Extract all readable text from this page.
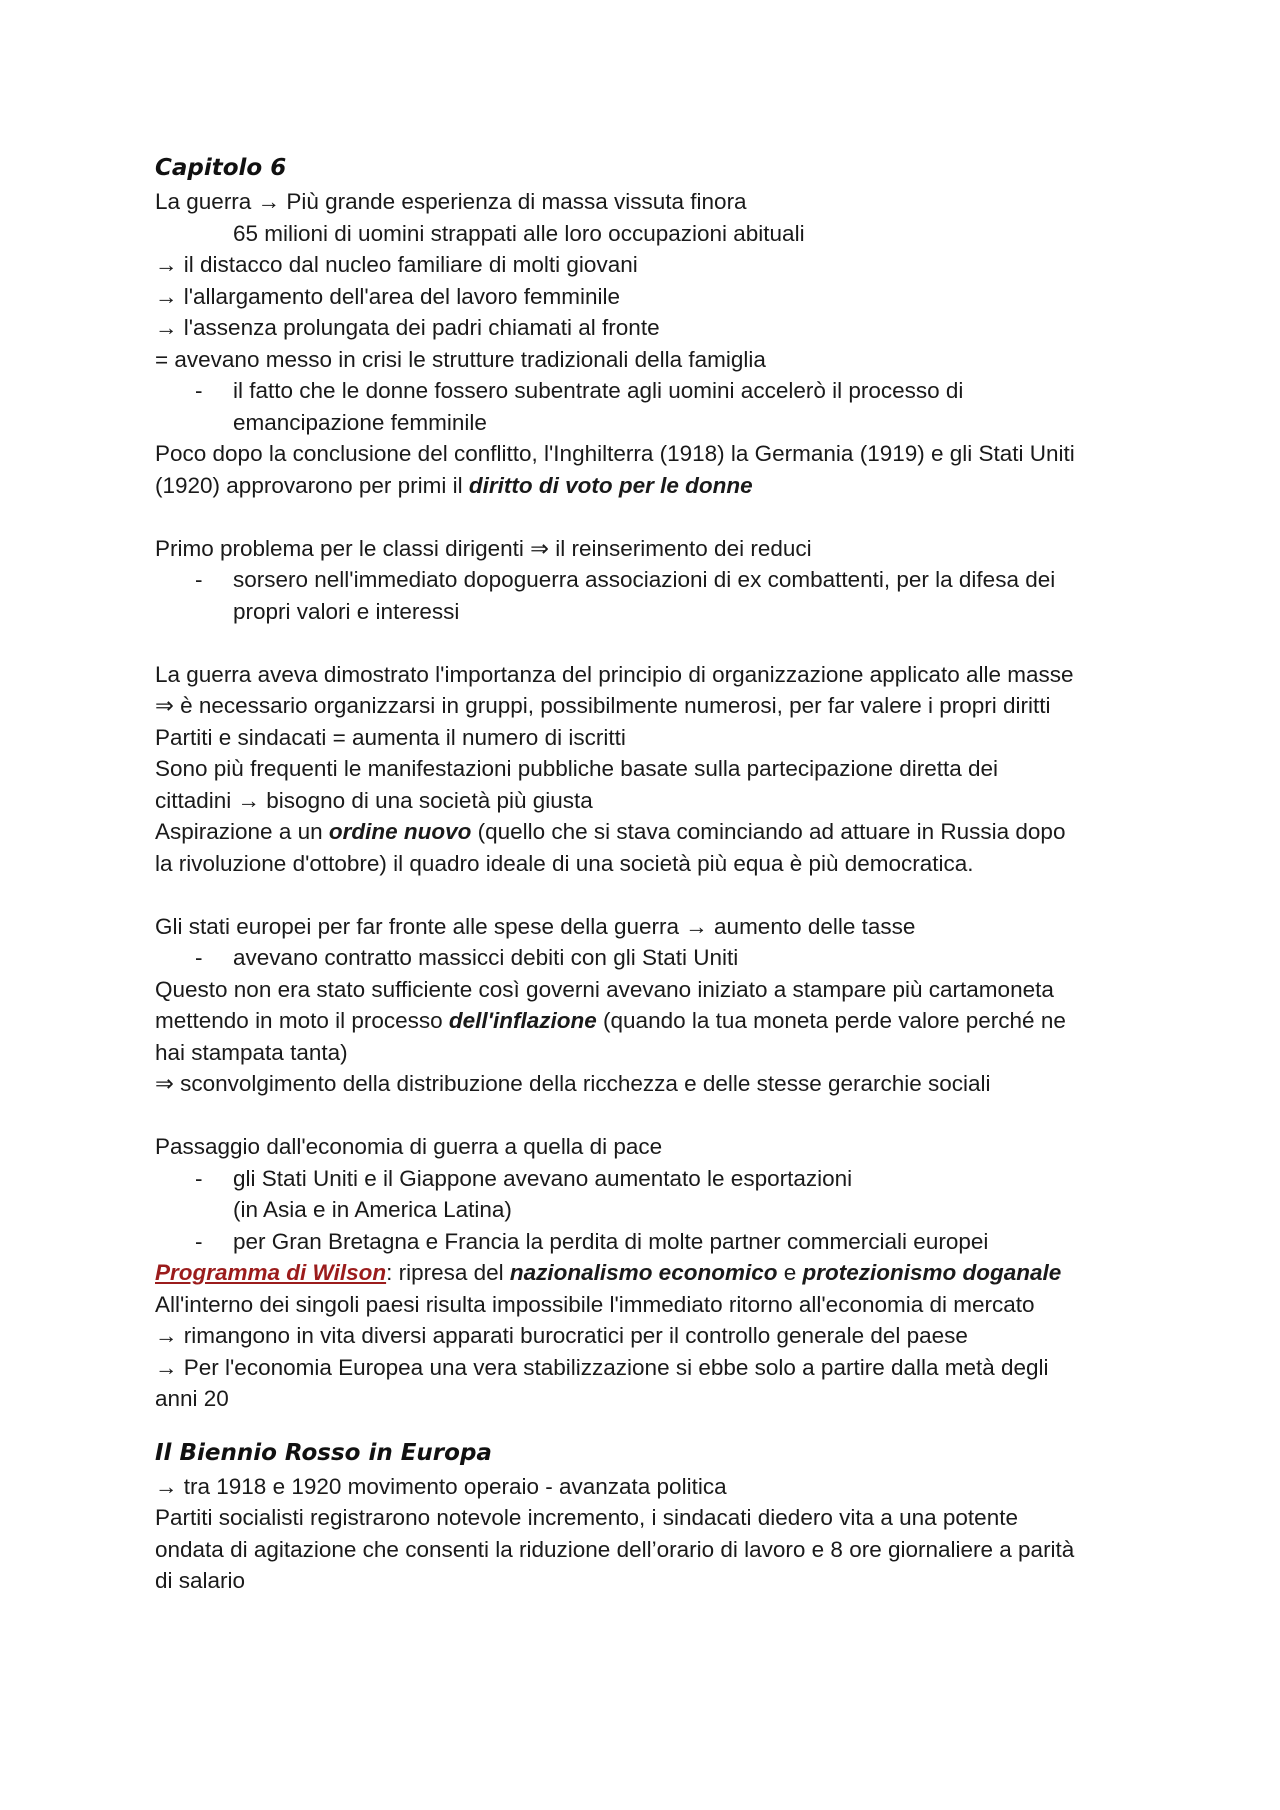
Capitolo 6
La guerra → Più grande esperienza di massa vissuta finora
65 milioni di uomini strappati alle loro occupazioni abituali
→ il distacco dal nucleo familiare di molti giovani
→ l'allargamento dell'area del lavoro femminile
→ l'assenza prolungata dei padri chiamati al fronte
= avevano messo in crisi le strutture tradizionali della famiglia
- il fatto che le donne fossero subentrate agli uomini accelerò il processo di
emancipazione femminile
Poco dopo la conclusione del conflitto, l'Inghilterra (1918) la Germania (1919) e gli Stati Uniti
(1920) approvarono per primi il diritto di voto per le donne
Primo problema per le classi dirigenti ⇒ il reinserimento dei reduci
- sorsero nell'immediato dopoguerra associazioni di ex combattenti, per la difesa dei
propri valori e interessi
La guerra aveva dimostrato l'importanza del principio di organizzazione applicato alle masse
⇒ è necessario organizzarsi in gruppi, possibilmente numerosi, per far valere i propri diritti
Partiti e sindacati = aumenta il numero di iscritti
Sono più frequenti le manifestazioni pubbliche basate sulla partecipazione diretta dei
cittadini → bisogno di una società più giusta
Aspirazione a un ordine nuovo (quello che si stava cominciando ad attuare in Russia dopo
la rivoluzione d'ottobre) il quadro ideale di una società più equa è più democratica.
Gli stati europei per far fronte alle spese della guerra → aumento delle tasse
- avevano contratto massicci debiti con gli Stati Uniti
Questo non era stato sufficiente così governi avevano iniziato a stampare più cartamoneta
mettendo in moto il processo dell'inflazione (quando la tua moneta perde valore perché ne
hai stampata tanta)
⇒ sconvolgimento della distribuzione della ricchezza e delle stesse gerarchie sociali
Passaggio dall'economia di guerra a quella di pace
- gli Stati Uniti e il Giappone avevano aumentato le esportazioni
(in Asia e in America Latina)
- per Gran Bretagna e Francia la perdita di molte partner commerciali europei
Programma di Wilson: ripresa del nazionalismo economico e protezionismo doganale
All'interno dei singoli paesi risulta impossibile l'immediato ritorno all'economia di mercato
→ rimangono in vita diversi apparati burocratici per il controllo generale del paese
→ Per l'economia Europea una vera stabilizzazione si ebbe solo a partire dalla metà degli
anni 20
Il Biennio Rosso in Europa
→ tra 1918 e 1920 movimento operaio - avanzata politica
Partiti socialisti registrarono notevole incremento, i sindacati diedero vita a una potente
ondata di agitazione che consenti la riduzione dell’orario di lavoro e 8 ore giornaliere a parità
di salario
